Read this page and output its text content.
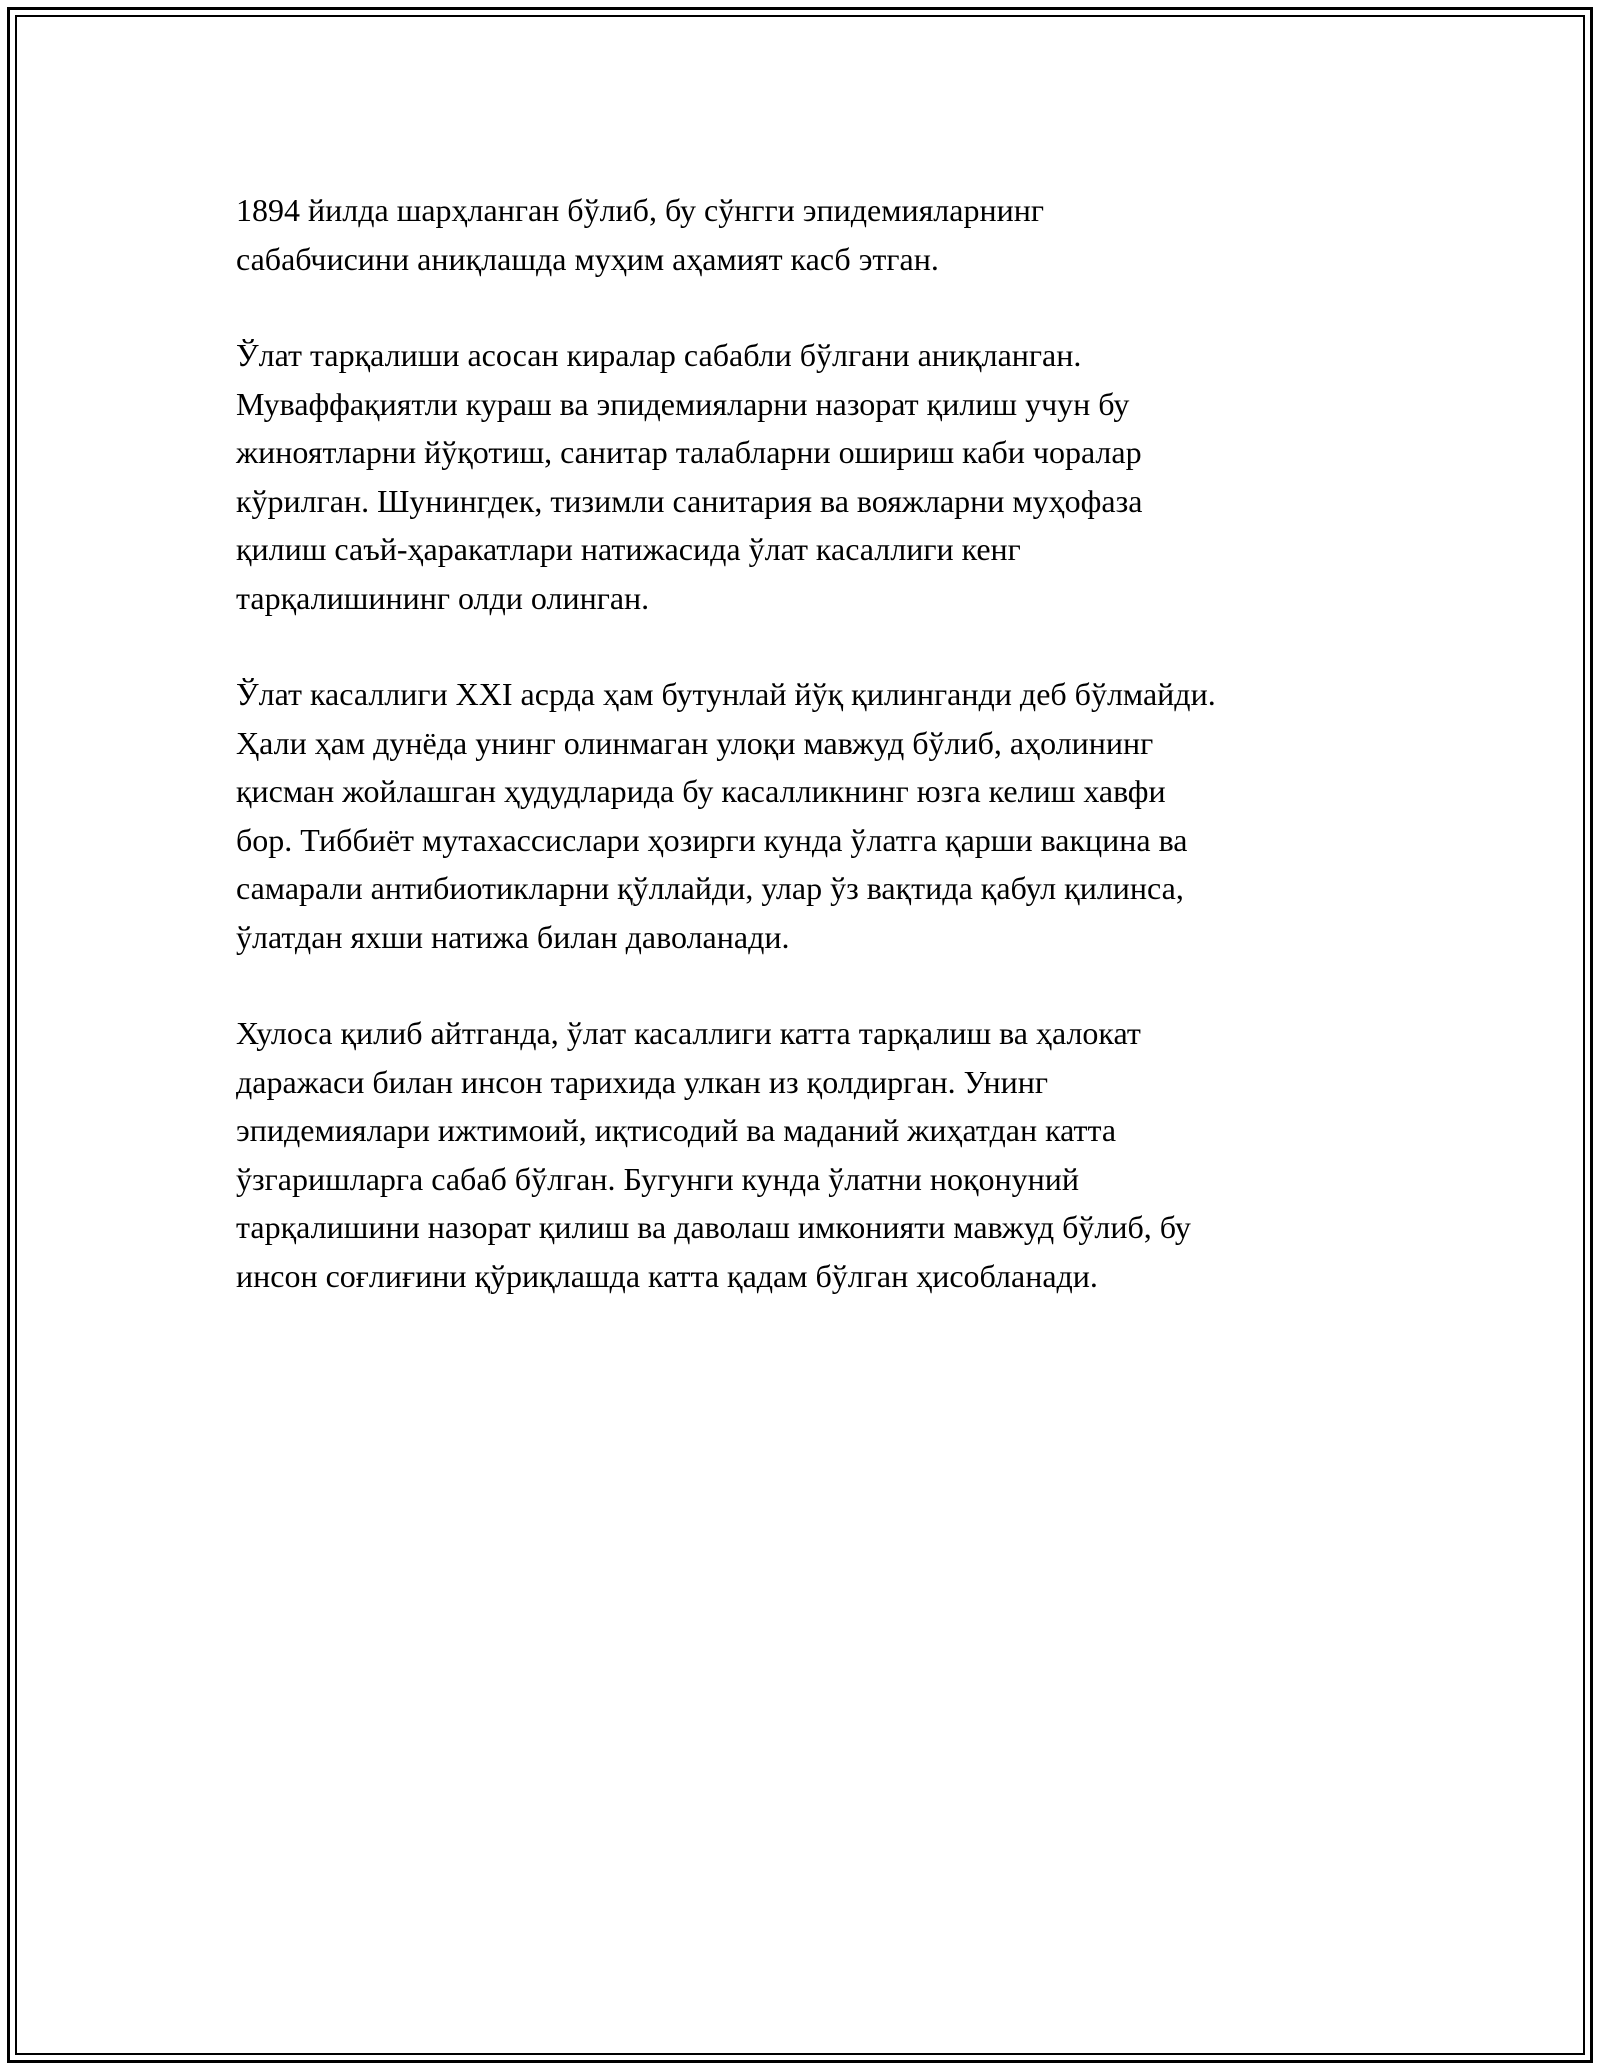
1894 йилда шарҳланган бўлиб, бу сўнгги эпидемияларнинг
сабабчисини аниқлашда муҳим аҳамият касб этган.

Ўлат тарқалиши асосан киралар сабабли бўлгани аниқланган.
Муваффақиятли кураш ва эпидемияларни назорат қилиш учун бу
жиноятларни йўқотиш, санитар талабларни ошириш каби чоралар
кўрилган. Шунингдек, тизимли санитария ва вояжларни муҳофаза
қилиш саъй-ҳаракатлари натижасида ўлат касаллиги кенг
тарқалишининг олди олинган.

Ўлат касаллиги XXI асрда ҳам бутунлай йўқ қилинганди деб бўлмайди.
Ҳали ҳам дунёда унинг олинмаган улоқи мавжуд бўлиб, аҳолининг
қисман жойлашган ҳудудларида бу касалликнинг юзга келиш хавфи
бор. Тиббиёт мутахассислари ҳозирги кунда ўлатга қарши вакцина ва
самарали антибиотикларни қўллайди, улар ўз вақтида қабул қилинса,
ўлатдан яхши натижа билан даволанади.

Хулоса қилиб айтганда, ўлат касаллиги катта тарқалиш ва ҳалокат
даражаси билан инсон тарихида улкан из қолдирган. Унинг
эпидемиялари ижтимоий, иқтисодий ва маданий жиҳатдан катта
ўзгаришларга сабаб бўлган. Бугунги кунда ўлатни ноқонуний
тарқалишини назорат қилиш ва даволаш имконияти мавжуд бўлиб, бу
инсон соғлиғини қўриқлашда катта қадам бўлган ҳисобланади.
